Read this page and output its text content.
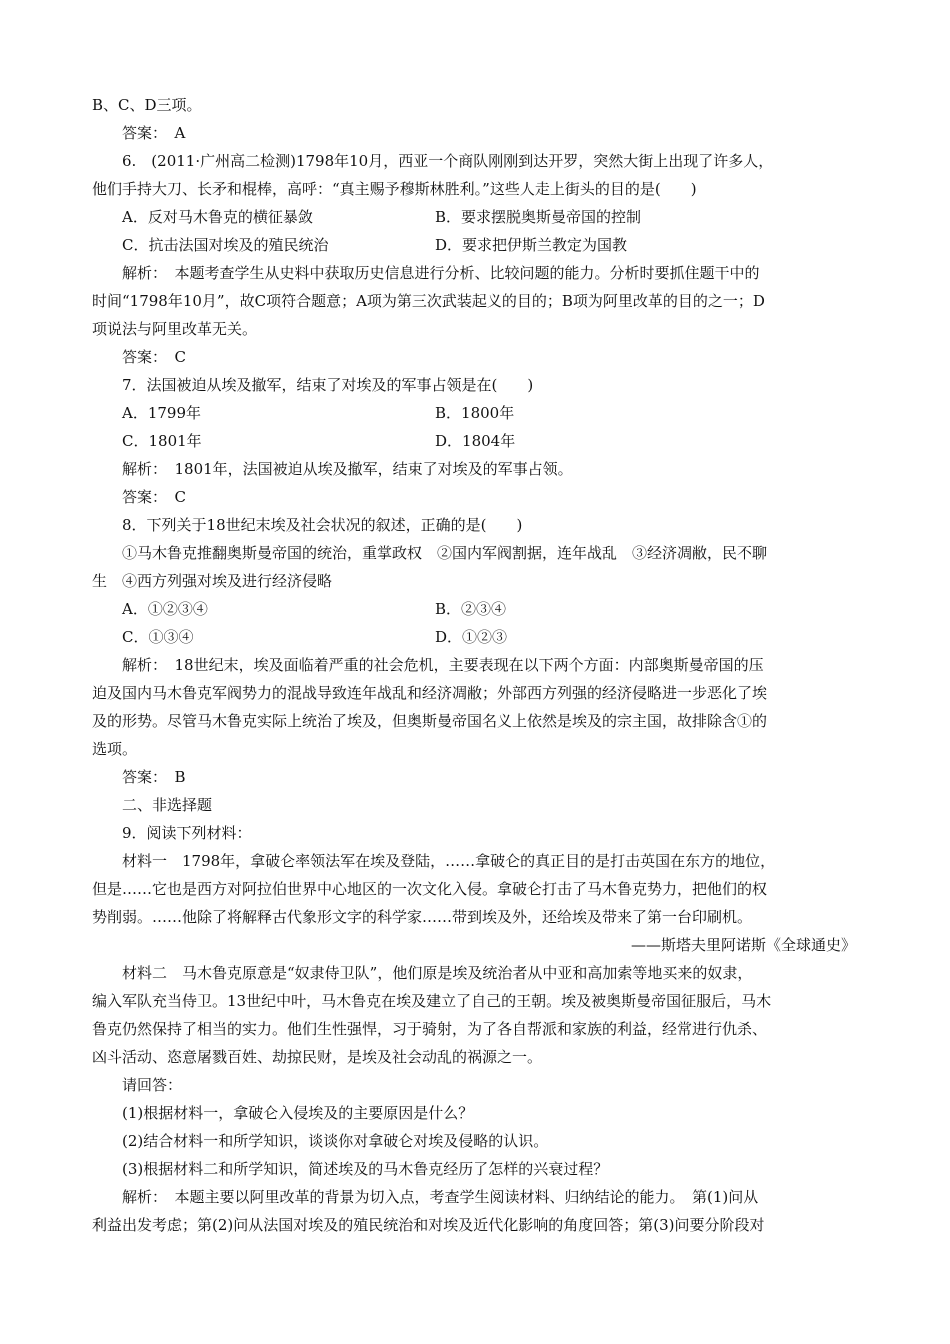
B、C、D三项。
答案：　A
6.　(2011·广州高二检测)1798年10月，西亚一个商队刚刚到达开罗，突然大街上出现了许多人，
他们手持大刀、长矛和棍棒，高呼：“真主赐予穆斯林胜利。”这些人走上街头的目的是(　　)
A．反对马木鲁克的横征暴敛	B．要求摆脱奥斯曼帝国的控制
C．抗击法国对埃及的殖民统治	D．要求把伊斯兰教定为国教
解析：　本题考查学生从史料中获取历史信息进行分析、比较问题的能力。分析时要抓住题干中的
时间“1798年10月”，故C项符合题意；A项为第三次武装起义的目的；B项为阿里改革的目的之一；D
项说法与阿里改革无关。
答案：　C
7．法国被迫从埃及撤军，结束了对埃及的军事占领是在(　　)
A．1799年	B．1800年
C．1801年	D．1804年
解析：　1801年，法国被迫从埃及撤军，结束了对埃及的军事占领。
答案：　C
8．下列关于18世纪末埃及社会状况的叙述，正确的是(　　)
①马木鲁克推翻奥斯曼帝国的统治，重掌政权　②国内军阀割据，连年战乱　③经济凋敝，民不聊
生　④西方列强对埃及进行经济侵略
A．①②③④	B．②③④
C．①③④	D．①②③
解析：　18世纪末，埃及面临着严重的社会危机，主要表现在以下两个方面：内部奥斯曼帝国的压
迫及国内马木鲁克军阀势力的混战导致连年战乱和经济凋敝；外部西方列强的经济侵略进一步恶化了埃
及的形势。尽管马木鲁克实际上统治了埃及，但奥斯曼帝国名义上依然是埃及的宗主国，故排除含①的
选项。
答案：　B
二、非选择题
9．阅读下列材料：
材料一　1798年，拿破仑率领法军在埃及登陆，……拿破仑的真正目的是打击英国在东方的地位，
但是……它也是西方对阿拉伯世界中心地区的一次文化入侵。拿破仑打击了马木鲁克势力，把他们的权
势削弱。……他除了将解释古代象形文字的科学家……带到埃及外，还给埃及带来了第一台印刷机。
——斯塔夫里阿诺斯《全球通史》
材料二　马木鲁克原意是“奴隶侍卫队”，他们原是埃及统治者从中亚和高加索等地买来的奴隶，
编入军队充当侍卫。13世纪中叶，马木鲁克在埃及建立了自己的王朝。埃及被奥斯曼帝国征服后，马木
鲁克仍然保持了相当的实力。他们生性强悍，习于骑射，为了各自帮派和家族的利益，经常进行仇杀、
凶斗活动、恣意屠戮百姓、劫掠民财，是埃及社会动乱的祸源之一。
请回答：
(1)根据材料一，拿破仑入侵埃及的主要原因是什么？
(2)结合材料一和所学知识，谈谈你对拿破仑对埃及侵略的认识。
(3)根据材料二和所学知识，简述埃及的马木鲁克经历了怎样的兴衰过程？
解析：　本题主要以阿里改革的背景为切入点，考查学生阅读材料、归纳结论的能力。　第(1)问从
利益出发考虑；第(2)问从法国对埃及的殖民统治和对埃及近代化影响的角度回答；第(3)问要分阶段对
